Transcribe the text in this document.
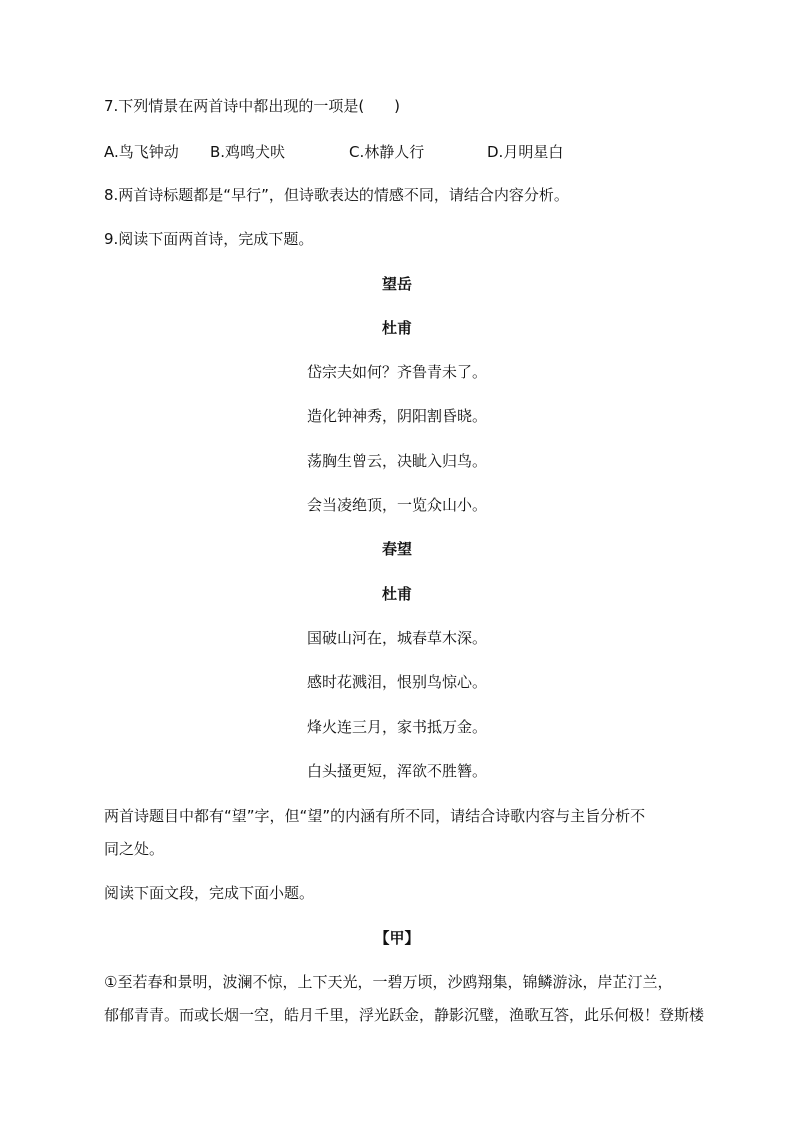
7.下列情景在两首诗中都出现的一项是(　　)
A.鸟飞钟动 B.鸡鸣犬吠	C.林静人行	D.月明星白
8.两首诗标题都是“早行”，但诗歌表达的情感不同，请结合内容分析。
9.阅读下面两首诗，完成下题。
望岳
杜甫
岱宗夫如何？齐鲁青未了。
造化钟神秀，阴阳割昏晓。
荡胸生曾云，决眦入归鸟。
会当凌绝顶，一览众山小。
春望
杜甫
国破山河在，城春草木深。
感时花溅泪，恨别鸟惊心。
烽火连三月，家书抵万金。
白头搔更短，浑欲不胜簪。
两首诗题目中都有“望”字，但“望”的内涵有所不同，请结合诗歌内容与主旨分析不
同之处。
阅读下面文段，完成下面小题。
【甲】
①至若春和景明，波澜不惊，上下天光，一碧万顷，沙鸥翔集，锦鳞游泳，岸芷汀兰，
郁郁青青。而或长烟一空，皓月千里，浮光跃金，静影沉璧，渔歌互答，此乐何极！登斯楼
